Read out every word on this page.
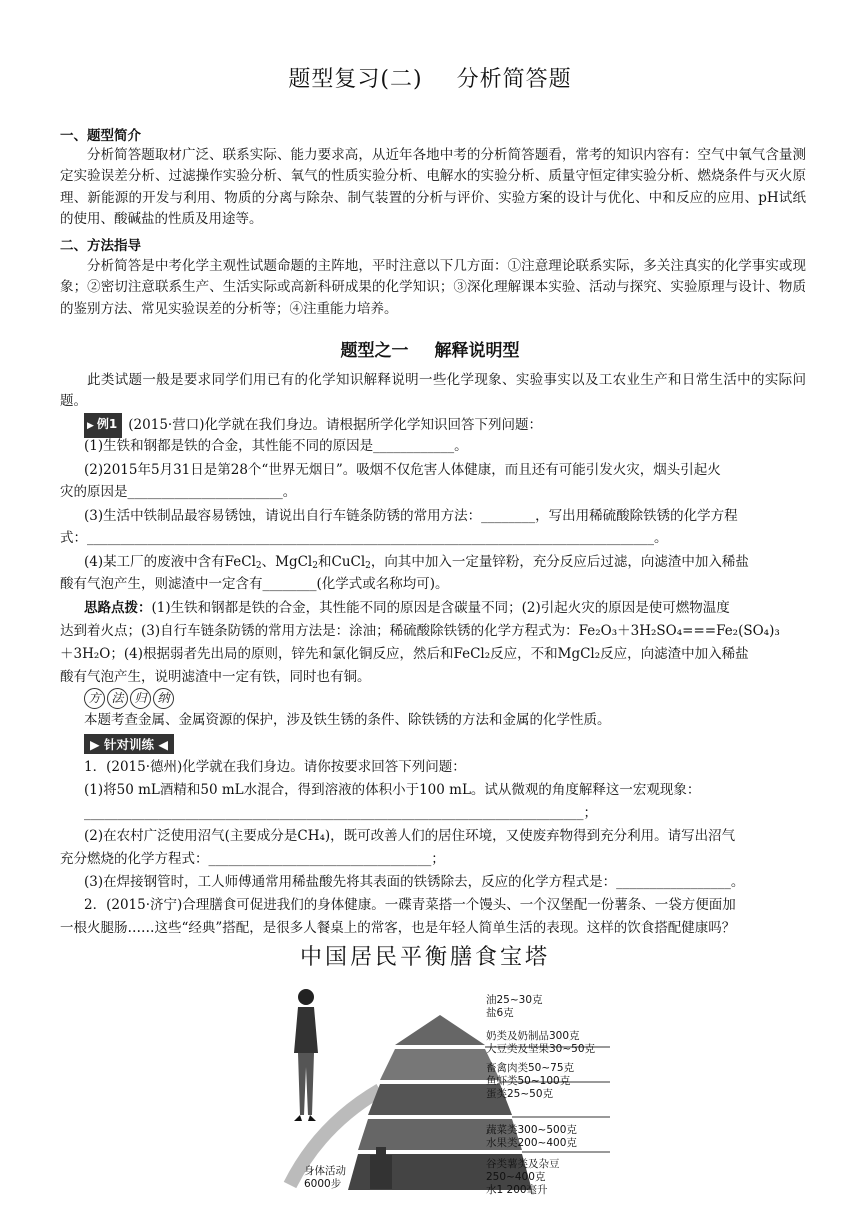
题型复习(二) 分析简答题
一、题型简介
分析简答题取材广泛、联系实际、能力要求高，从近年各地中考的分析简答题看，常考的知识内容有：空气中氧气含量测定实验误差分析、过滤操作实验分析、氧气的性质实验分析、电解水的实验分析、质量守恒定律实验分析、燃烧条件与灭火原理、新能源的开发与利用、物质的分离与除杂、制气装置的分析与评价、实验方案的设计与优化、中和反应的应用、pH试纸的使用、酸碱盐的性质及用途等。
二、方法指导
分析简答是中考化学主观性试题命题的主阵地，平时注意以下几方面：①注意理论联系实际，多关注真实的化学事实或现象；②密切注意联系生产、生活实际或高新科研成果的化学知识；③深化理解课本实验、活动与探究、实验原理与设计、物质的鉴别方法、常见实验误差的分析等；④注重能力培养。
题型之一 解释说明型
此类试题一般是要求同学们用已有的化学知识解释说明一些化学现象、实验事实以及工农业生产和日常生活中的实际问题。
▶ 例1 (2015·营口)化学就在我们身边。请根据所学化学知识回答下列问题：
(1)生铁和钢都是铁的合金，其性能不同的原因是____________。
(2)2015年5月31日是第28个“世界无烟日”。吸烟不仅危害人体健康，而且还有可能引发火灾，烟头引起火
灾的原因是_______________________。
(3)生活中铁制品最容易锈蚀，请说出自行车链条防锈的常用方法：________，写出用稀硫酸除铁锈的化学方程
式：____________________________________________________________________________________。
(4)某工厂的废液中含有FeCl$_2$、MgCl$_2$和CuCl$_2$，向其中加入一定量锌粉，充分反应后过滤，向滤渣中加入稀盐
酸有气泡产生，则滤渣中一定含有________(化学式或名称均可)。
思路点拨：(1)生铁和钢都是铁的合金，其性能不同的原因是含碳量不同；(2)引起火灾的原因是使可燃物温度
达到着火点；(3)自行车链条防锈的常用方法是：涂油；稀硫酸除铁锈的化学方程式为：Fe₂O₃＋3H₂SO₄===Fe₂(SO₄)₃
＋3H₂O；(4)根据弱者先出局的原则，锌先和氯化铜反应，然后和FeCl₂反应，不和MgCl₂反应，向滤渣中加入稀盐
酸有气泡产生，说明滤渣中一定有铁，同时也有铜。
方 法 归 纳
本题考查金属、金属资源的保护，涉及铁生锈的条件、除铁锈的方法和金属的化学性质。
▶ 针对训练 ◀
1．(2015·德州)化学就在我们身边。请你按要求回答下列问题：
(1)将50 mL酒精和50 mL水混合，得到溶液的体积小于100 mL。试从微观的角度解释这一宏观现象：
__________________________________________________________________________；
(2)在农村广泛使用沼气(主要成分是CH₄)，既可改善人们的居住环境，又使废弃物得到充分利用。请写出沼气
充分燃烧的化学方程式：_________________________________；
(3)在焊接钢管时，工人师傅通常用稀盐酸先将其表面的铁锈除去，反应的化学方程式是：_________________。
2．(2015·济宁)合理膳食可促进我们的身体健康。一碟青菜搭一个馒头、一个汉堡配一份薯条、一袋方便面加
一根火腿肠……这些“经典”搭配，是很多人餐桌上的常客，也是年轻人简单生活的表现。这样的饮食搭配健康吗？
中国居民平衡膳食宝塔
油25~30克
盐6克
奶类及奶制品300克
大豆类及坚果30~50克
畜禽肉类50~75克
鱼虾类50~100克
蛋类25~50克
蔬菜类300~500克
水果类200~400克
谷类薯类及杂豆
250~400克
水1 200毫升
身体活动
6000步
